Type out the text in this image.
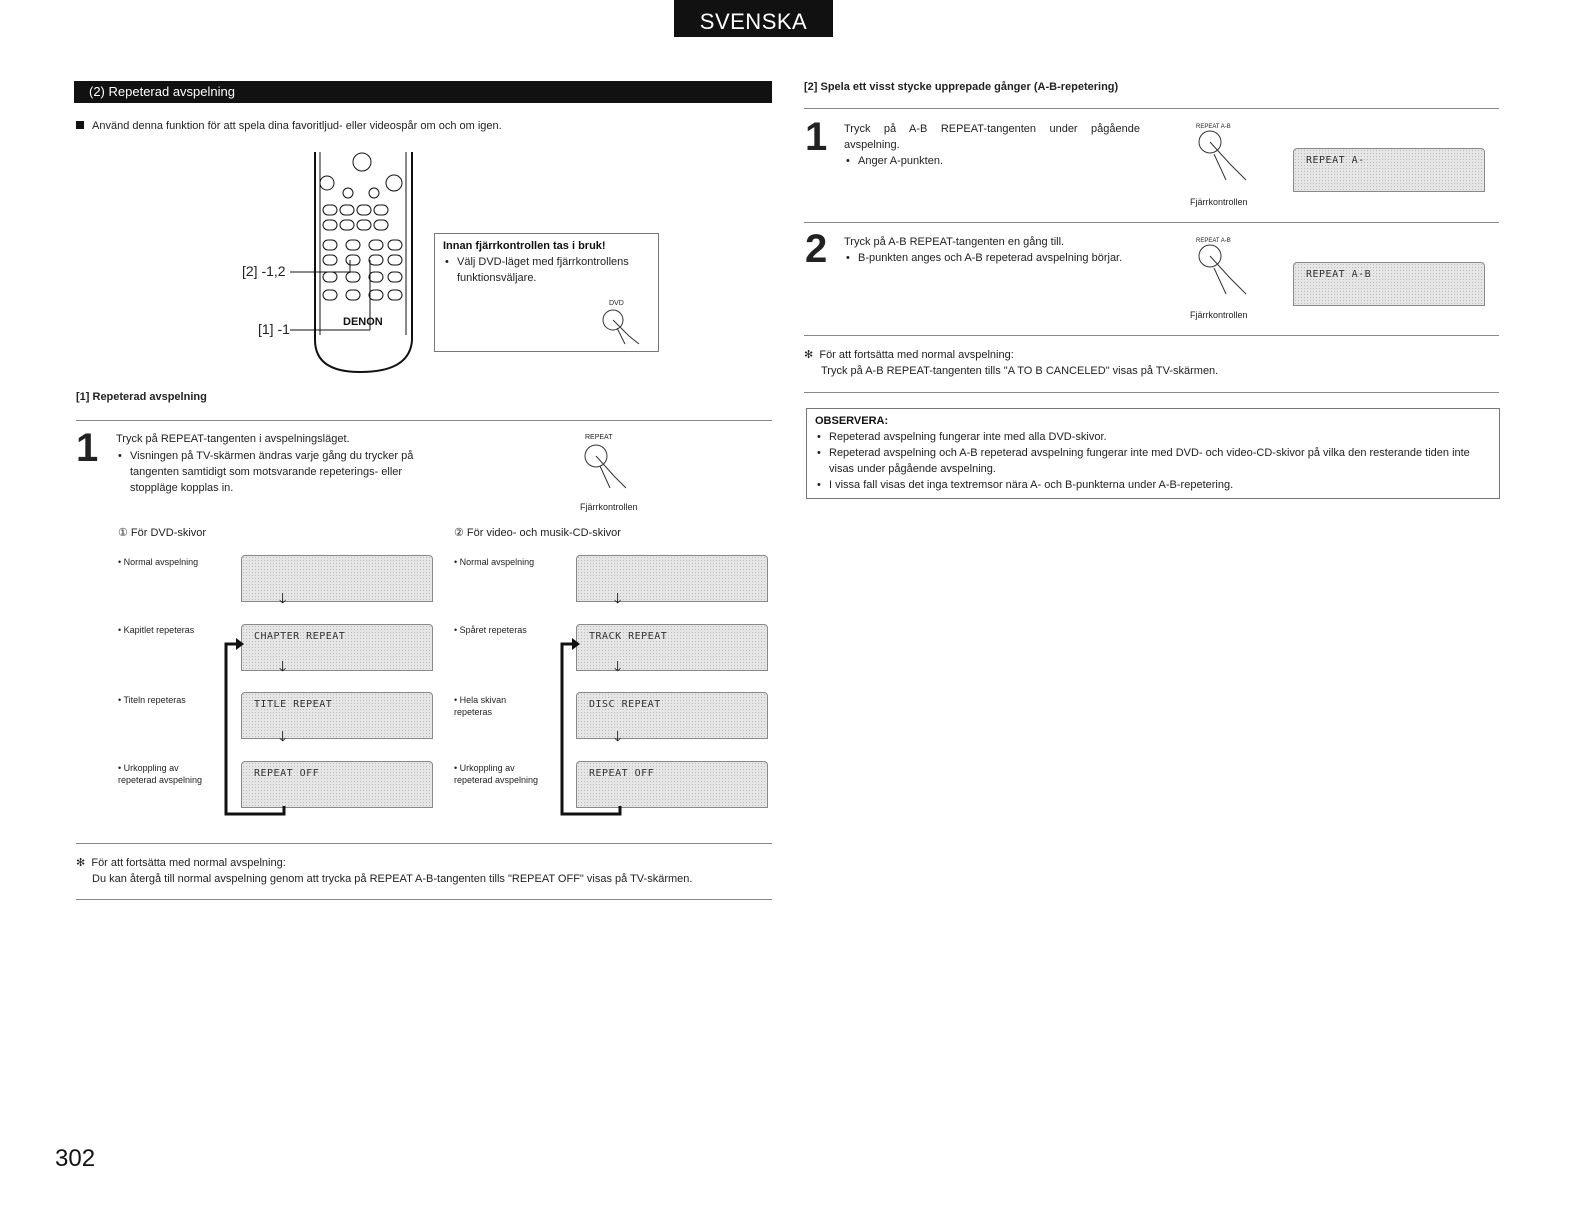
SVENSKA
(2) Repeterad avspelning
Använd denna funktion för att spela dina favoritljud- eller videospår om och om igen.
DENON
[2] -1,2
[1] -1
Innan fjärrkontrollen tas i bruk!
• Välj DVD-läget med fjärrkontrollens funktionsväljare.
DVD
[1] Repeterad avspelning
1 Tryck på REPEAT-tangenten i avspelningsläget.
• Visningen på TV-skärmen ändras varje gång du trycker på tangenten samtidigt som motsvarande repeterings- eller stoppläge kopplas in.
REPEAT
Fjärrkontrollen
① För DVD-skivor
• Normal avspelning
🡓
• Kapitlet repeteras
CHAPTER REPEAT
🡓
• Titeln repeteras	TITLE REPEAT
🡓
• Urkoppling av repeterad avspelning
REPEAT OFF
② För video- och musik-CD-skivor
• Normal avspelning
🡓
• Spåret repeteras
TRACK REPEAT
🡓
• Hela skivan repeteras
DISC REPEAT
🡓
• Urkoppling av repeterad avspelning
REPEAT OFF
✻ För att fortsätta med normal avspelning:
Du kan återgå till normal avspelning genom att trycka på REPEAT A-B-tangenten tills "REPEAT OFF" visas på TV-skärmen.
[2] Spela ett visst stycke upprepade gånger (A-B-repetering)
1 Tryck på A-B REPEAT-tangenten under pågående avspelning.
• Anger A-punkten.
REPEAT A-B
Fjärrkontrollen
REPEAT A-
2 Tryck på A-B REPEAT-tangenten en gång till.
• B-punkten anges och A-B repeterad avspelning börjar.
REPEAT A-B
Fjärrkontrollen
REPEAT A-B
✻ För att fortsätta med normal avspelning:
Tryck på A-B REPEAT-tangenten tills "A TO B CANCELED" visas på TV-skärmen.
OBSERVERA:
• Repeterad avspelning fungerar inte med alla DVD-skivor.
• Repeterad avspelning och A-B repeterad avspelning fungerar inte med DVD- och video-CD-skivor på vilka den resterande tiden inte visas under pågående avspelning.
• I vissa fall visas det inga textremsor nära A- och B-punkterna under A-B-repetering.
302
